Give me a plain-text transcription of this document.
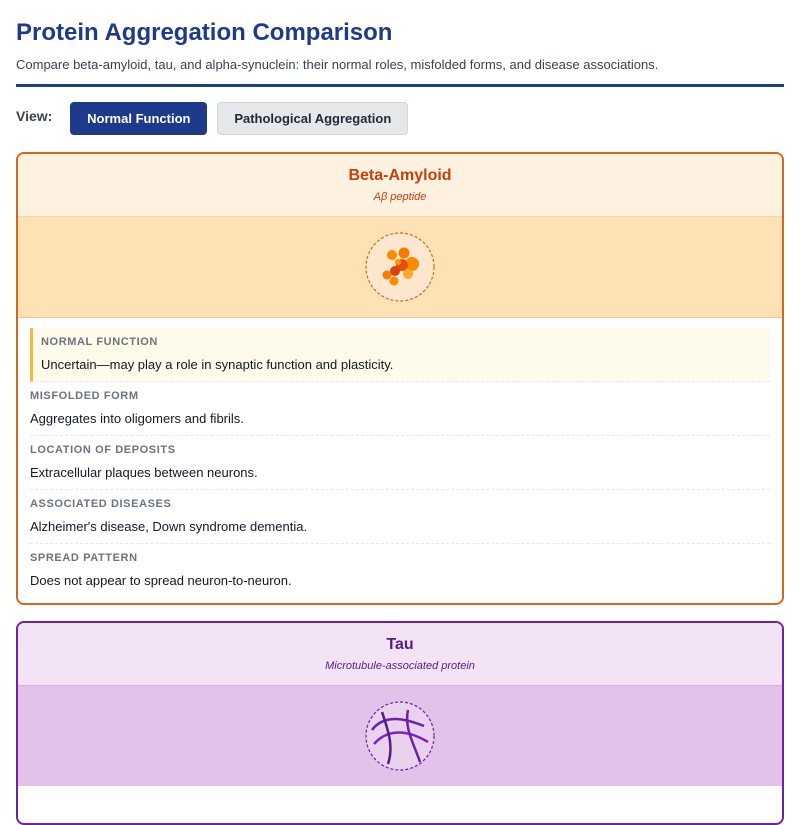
Protein Aggregation Comparison
Compare beta-amyloid, tau, and alpha-synuclein: their normal roles, misfolded forms, and disease associations.
View:	Normal Function	Pathological Aggregation
Beta-Amyloid
Aβ peptide
NORMAL FUNCTION
Uncertain—may play a role in synaptic function and plasticity.
MISFOLDED FORM
Aggregates into oligomers and fibrils.
LOCATION OF DEPOSITS
Extracellular plaques between neurons.
ASSOCIATED DISEASES
Alzheimer's disease, Down syndrome dementia.
SPREAD PATTERN
Does not appear to spread neuron-to-neuron.
Tau
Microtubule-associated protein
